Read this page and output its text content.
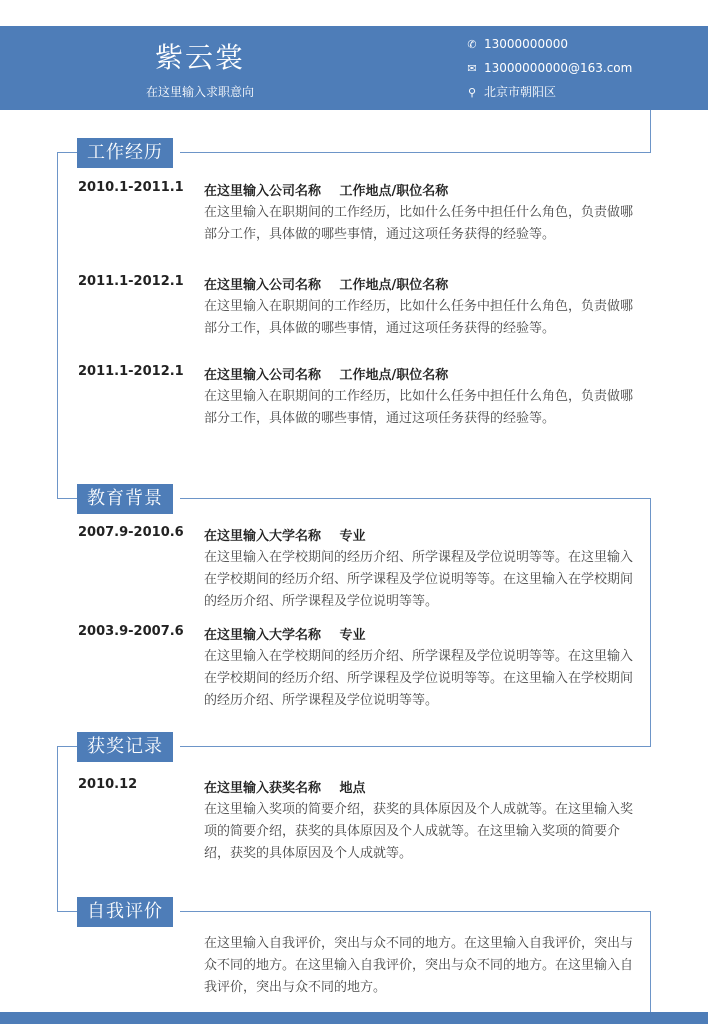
紫云裳
在这里输入求职意向
✆ 13000000000
✉ 13000000000@163.com
⚲ 北京市朝阳区
工作经历
2010.1-2011.1 在这里输入公司名称 工作地点/职位名称
在这里输入在职期间的工作经历，比如什么任务中担任什么角色，负责做哪部分工作，具体做的哪些事情，通过这项任务获得的经验等。
2011.1-2012.1 在这里输入公司名称 工作地点/职位名称
在这里输入在职期间的工作经历，比如什么任务中担任什么角色，负责做哪部分工作，具体做的哪些事情，通过这项任务获得的经验等。
2011.1-2012.1 在这里输入公司名称 工作地点/职位名称
在这里输入在职期间的工作经历，比如什么任务中担任什么角色，负责做哪部分工作，具体做的哪些事情，通过这项任务获得的经验等。
教育背景
2007.9-2010.6 在这里输入大学名称 专业
在这里输入在学校期间的经历介绍、所学课程及学位说明等等。在这里输入在学校期间的经历介绍、所学课程及学位说明等等。在这里输入在学校期间的经历介绍、所学课程及学位说明等等。
2003.9-2007.6 在这里输入大学名称 专业
在这里输入在学校期间的经历介绍、所学课程及学位说明等等。在这里输入在学校期间的经历介绍、所学课程及学位说明等等。在这里输入在学校期间的经历介绍、所学课程及学位说明等等。
获奖记录
2010.12	在这里输入获奖名称 地点
在这里输入奖项的简要介绍，获奖的具体原因及个人成就等。在这里输入奖项的简要介绍，获奖的具体原因及个人成就等。在这里输入奖项的简要介绍，获奖的具体原因及个人成就等。
自我评价
在这里输入自我评价，突出与众不同的地方。在这里输入自我评价，突出与众不同的地方。在这里输入自我评价，突出与众不同的地方。在这里输入自我评价，突出与众不同的地方。
